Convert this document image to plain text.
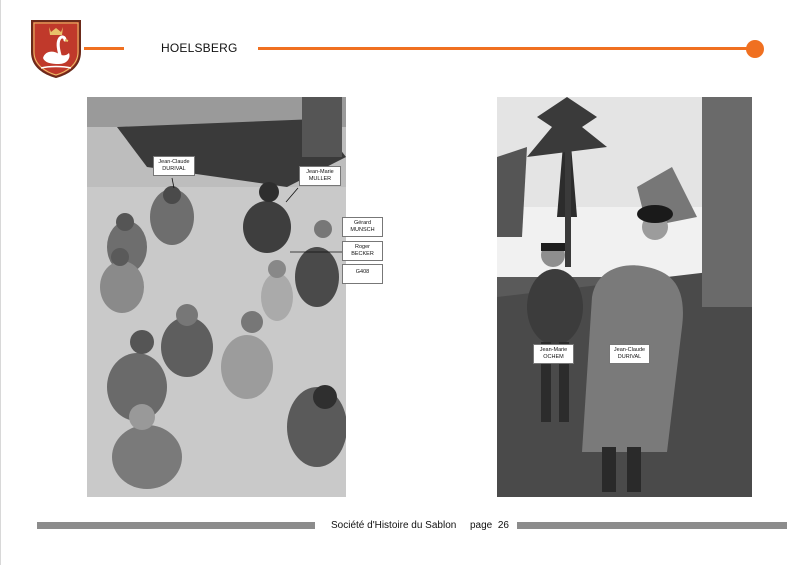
HOELSBERG
Jean-Claude
DURIVAL	Jean-Marie
MULLER
Gérard
MUNSCH
Roger
BECKER
G408
Jean-Marie
OCHEM
Jean-Claude
DURIVAL
Société d'Histoire du Sablon page 26
